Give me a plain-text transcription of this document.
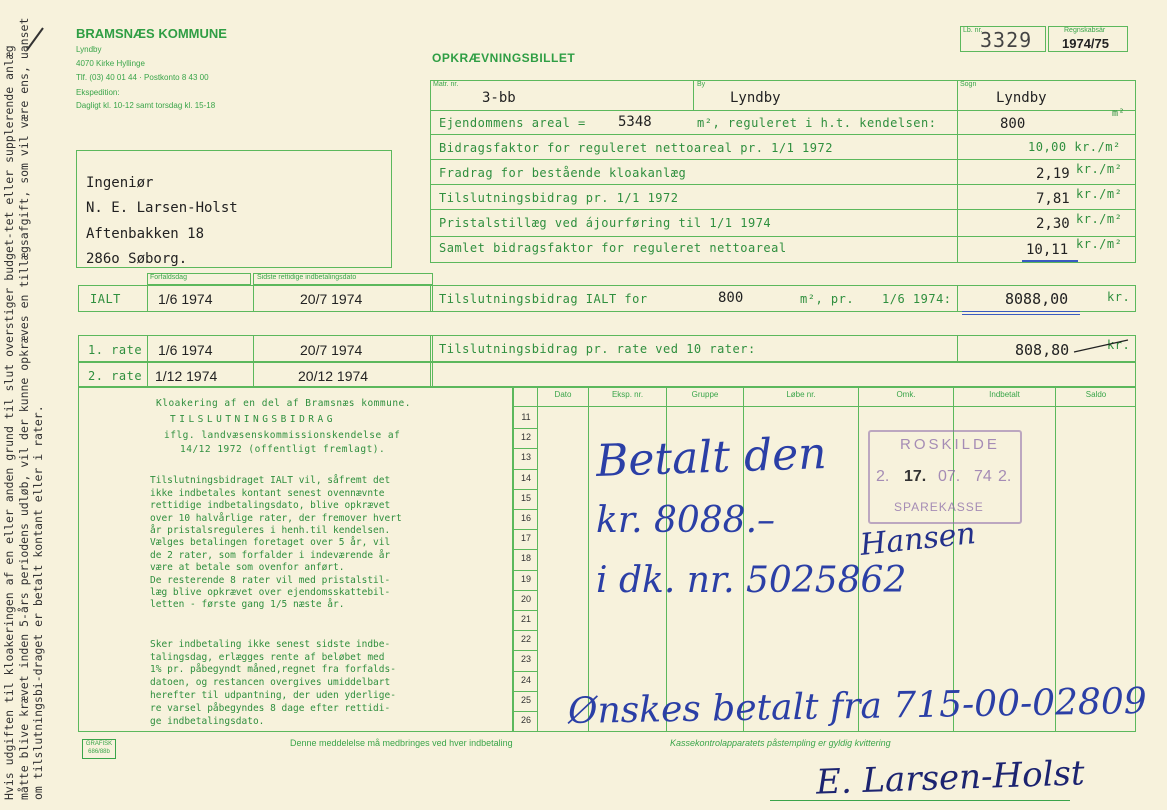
Hvis udgiften til kloakeringen af en eller anden grund til slut overstiger budget-tet eller supplerende anlæg måtte blive krævet inden 5-års periodens udløb, vil der kunne opkræves en tillægsafgift, som vil være ens, uanset om tilslutningsbi-draget er betalt kontant eller i rater.
BRAMSNÆS KOMMUNE
Lyndby
4070 Kirke Hyllinge
Tlf. (03) 40 01 44 · Postkonto 8 43 00
Ekspedition:
Dagligt kl. 10-12 samt torsdag kl. 15-18
OPKRÆVNINGSBILLET
Lb. nr.
3329	Regnskabsår
1974/75
Ingeniør
N. E. Larsen-Holst
Aftenbakken 18
286o Søborg.
Matr. nr.
3-bb
By
Lyndby
Sogn
Lyndby
Ejendommens areal = 5348	m², reguleret i h.t. kendelsen:	800
m²
Bidragsfaktor for reguleret nettoareal pr. 1/1 1972	10,00 kr./m²
Fradrag for bestående kloakanlæg	2,19 kr./m²
Tilslutningsbidrag pr. 1/1 1972	7,81 kr./m²
Pristalstillæg ved ájourføring til 1/1 1974	2,30 kr./m²
Samlet bidragsfaktor for reguleret nettoareal	10,11 kr./m²
Forfaldsdag	Sidste rettidige indbetalingsdato
IALT	1/6 1974	20/7 1974	Tilslutningsbidrag IALT for	800	m², pr. 1/6 1974:	8088,00	kr.
1. rate 1/6 1974	20/7 1974	Tilslutningsbidrag pr. rate ved 10 rater:	808,80	kr.
2. rate 1/12 1974	20/12 1974
Kloakering af en del af Bramsnæs kommune.
TILSLUTNINGSBIDRAG
iflg. landvæsenskommissionskendelse af
14/12 1972 (offentligt fremlagt).

Tilslutningsbidraget IALT vil, såfremt det
ikke indbetales kontant senest ovennævnte
rettidige indbetalingsdato, blive opkrævet
over 10 halvårlige rater, der fremover hvert
år pristalsreguleres i henh.til kendelsen.
Vælges betalingen foretaget over 5 år, vil
de 2 rater, som forfalder i indeværende år
være at betale som ovenfor anført.
De resterende 8 rater vil med pristalstil-
læg blive opkrævet over ejendomsskattebil-
letten - første gang 1/5 næste år.

Sker indbetaling ikke senest sidste indbe-
talingsdag, erlægges rente af beløbet med
1% pr. påbegyndt måned,regnet fra forfalds-
datoen, og restancen overgives umiddelbart
herefter til udpantning, der uden yderlige-
re varsel påbegyndes 8 dage efter rettidi-
ge indbetalingsdato.

Dato	Eksp. nr.	Gruppe	Løbe nr.	Omk.	Indbetalt	Saldo
11
12
13
14
15
16
17
18
19
20
21
22
23
24
25
26
Betalt den
kr. 8088.–
i dk. nr. 5025862
Hansen
Ønskes betalt fra 715-00-02809
ROSKILDE
2. 17. 07. 74 2.
SPAREKASSE
GRAFISK
686/88b
Denne meddelelse må medbringes ved hver indbetaling	Kassekontrolapparatets påstempling er gyldig kvittering
E. Larsen-Holst
